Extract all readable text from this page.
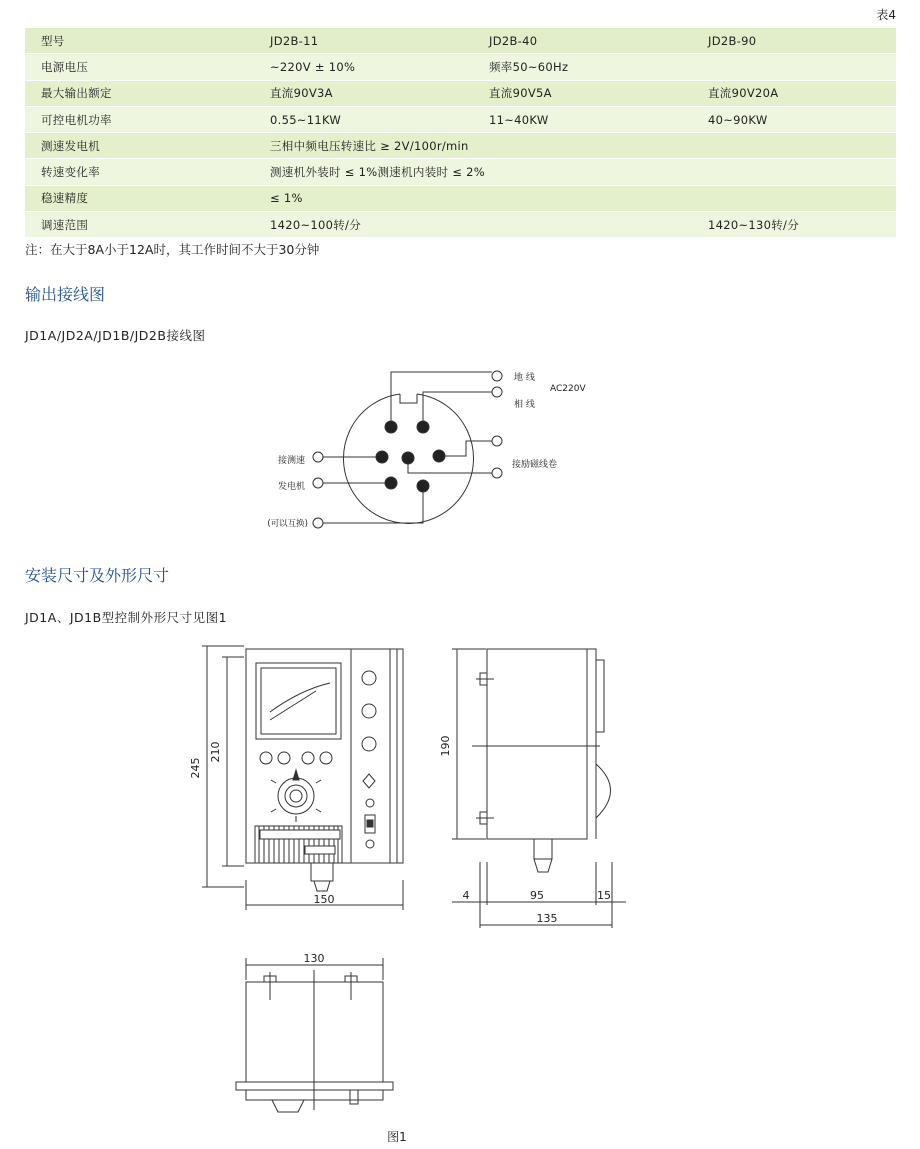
表4
型号	JD2B-11	JD2B-40	JD2B-90
电源电压	~220V ± 10%	频率50~60Hz	
最大输出额定	直流90V3A	直流90V5A	直流90V20A
可控电机功率	0.55~11KW	11~40KW	40~90KW
测速发电机	三相中频电压转速比 ≥ 2V/100r/min		
转速变化率	测速机外装时 ≤ 1%测速机内装时 ≤ 2%		
稳速精度	≤ 1%		
调速范围	1420~100转/分		1420~130转/分
注：在大于8A小于12A时，其工作时间不大于30分钟
输出接线图
JD1A/JD2A/JD1B/JD2B接线图
1
2
3
4
5
6
7
地 线
相 线
AC220V
接励磁线卷
接测速
发电机
(可以互换)
安装尺寸及外形尺寸
JD1A、JD1B型控制外形尺寸见图1
245
210
150
190
4	95	15
135
130
图1
